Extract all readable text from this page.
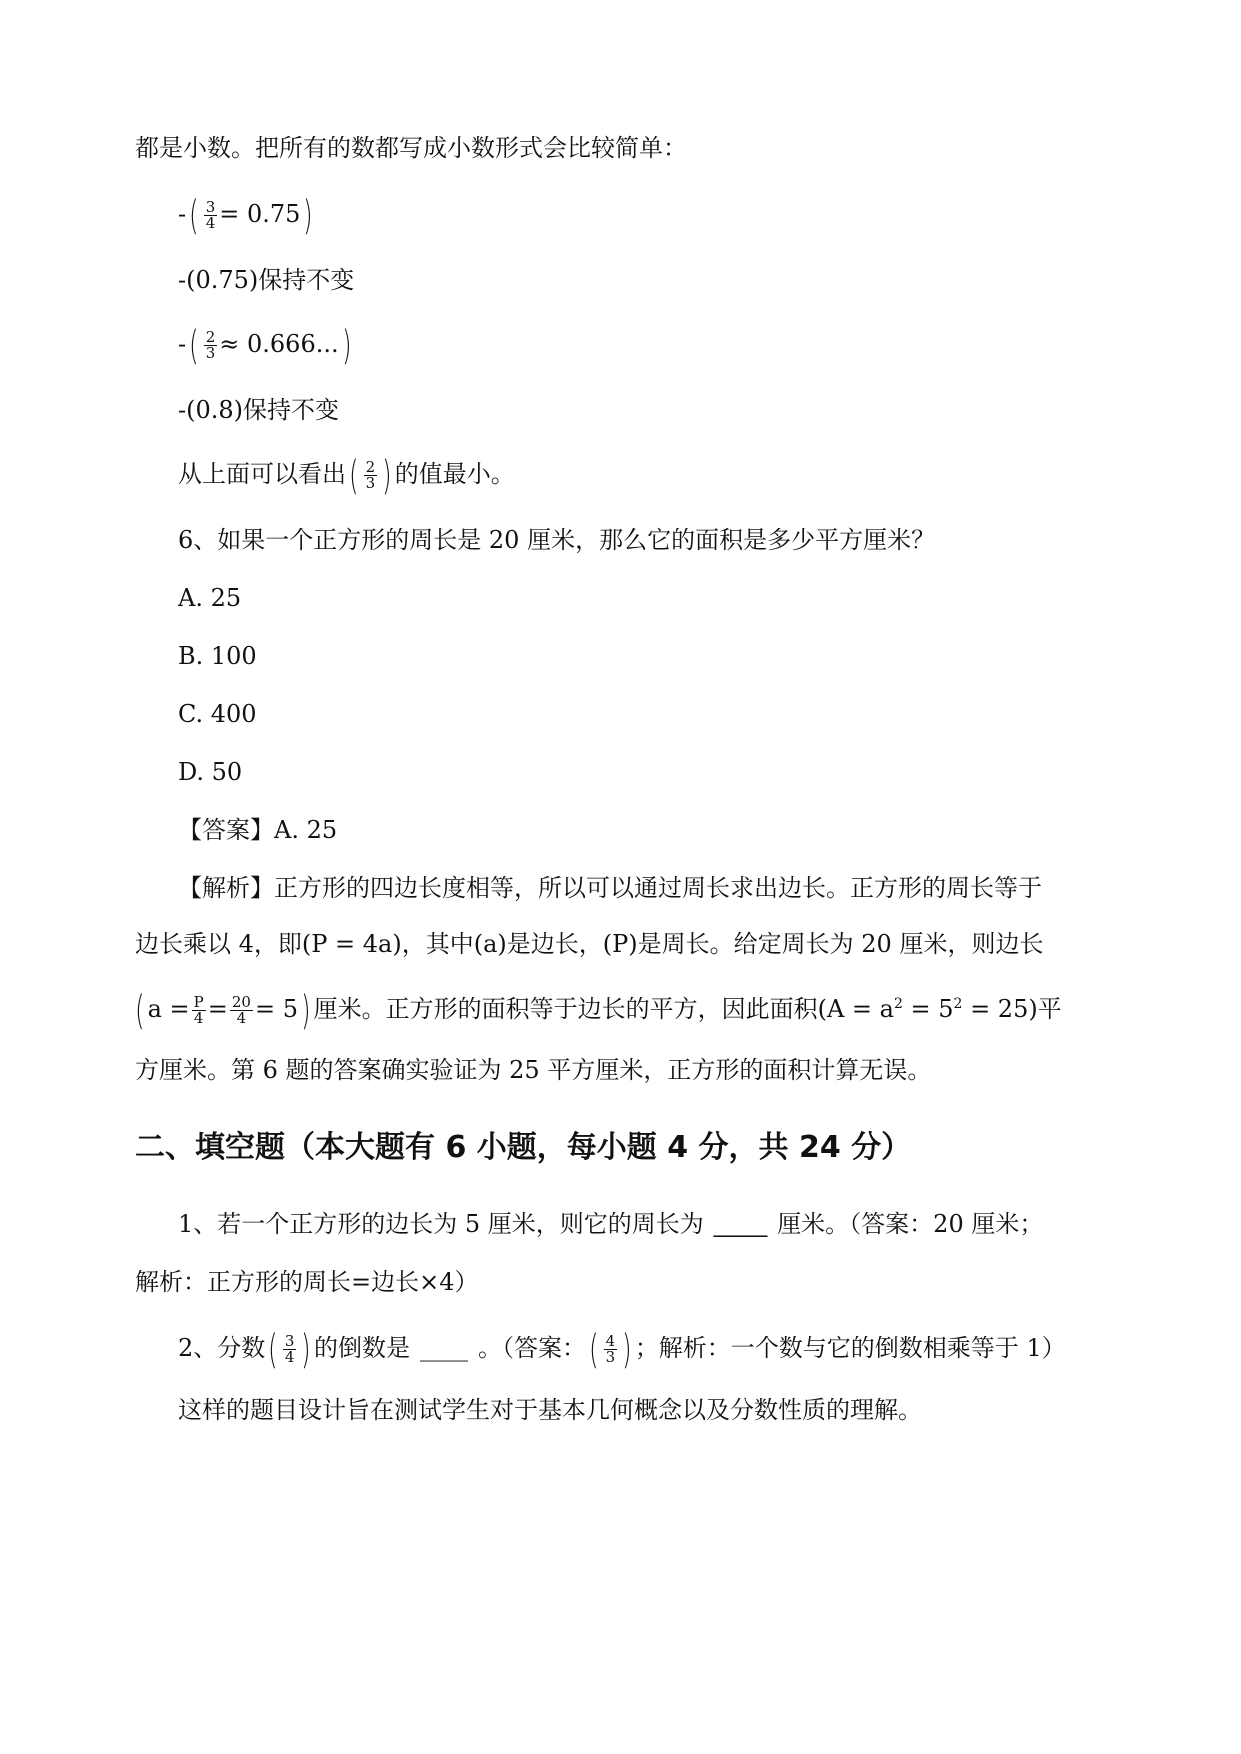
都是小数。把所有的数都写成小数形式会比较简单：
-( $\frac{3}{4} = 0.75$)
-(0.75)保持不变
-( $\frac{2}{3} \approx 0.666$...)
-(0.8)保持不变
从上面可以看出( $\frac{2}{3}$ ) 的值最小。
6、如果一个正方形的周长是 20 厘米，那么它的面积是多少平方厘米？
A. 25
B. 100
C. 400
D. 50
【答案】A. 25
【解析】正方形的四边长度相等，所以可以通过周长求出边长。正方形的周长等于
边长乘以 4，即(P = 4a)，其中(a)是边长，(P)是周长。给定周长为 20 厘米，则边长
( $a = \frac{P}{4} = \frac{20}{4} = 5$) 厘米。正方形的面积等于边长的平方，因此面积$(A = a^2 = 5^2 = 25)$平
方厘米。第 6 题的答案确实验证为 25 平方厘米，正方形的面积计算无误。
二、填空题（本大题有 6 小题，每小题 4 分，共 24 分）
1、若一个正方形的边长为 5 厘米，则它的周长为 ____ 厘米。（答案：20 厘米；
解析：正方形的周长=边长×4）
2、分数( $\frac{3}{4}$ ) 的倒数是 ____ 。（答案：( $\frac{4}{3}$ ) ；解析：一个数与它的倒数相乘等于 1）
这样的题目设计旨在测试学生对于基本几何概念以及分数性质的理解。
